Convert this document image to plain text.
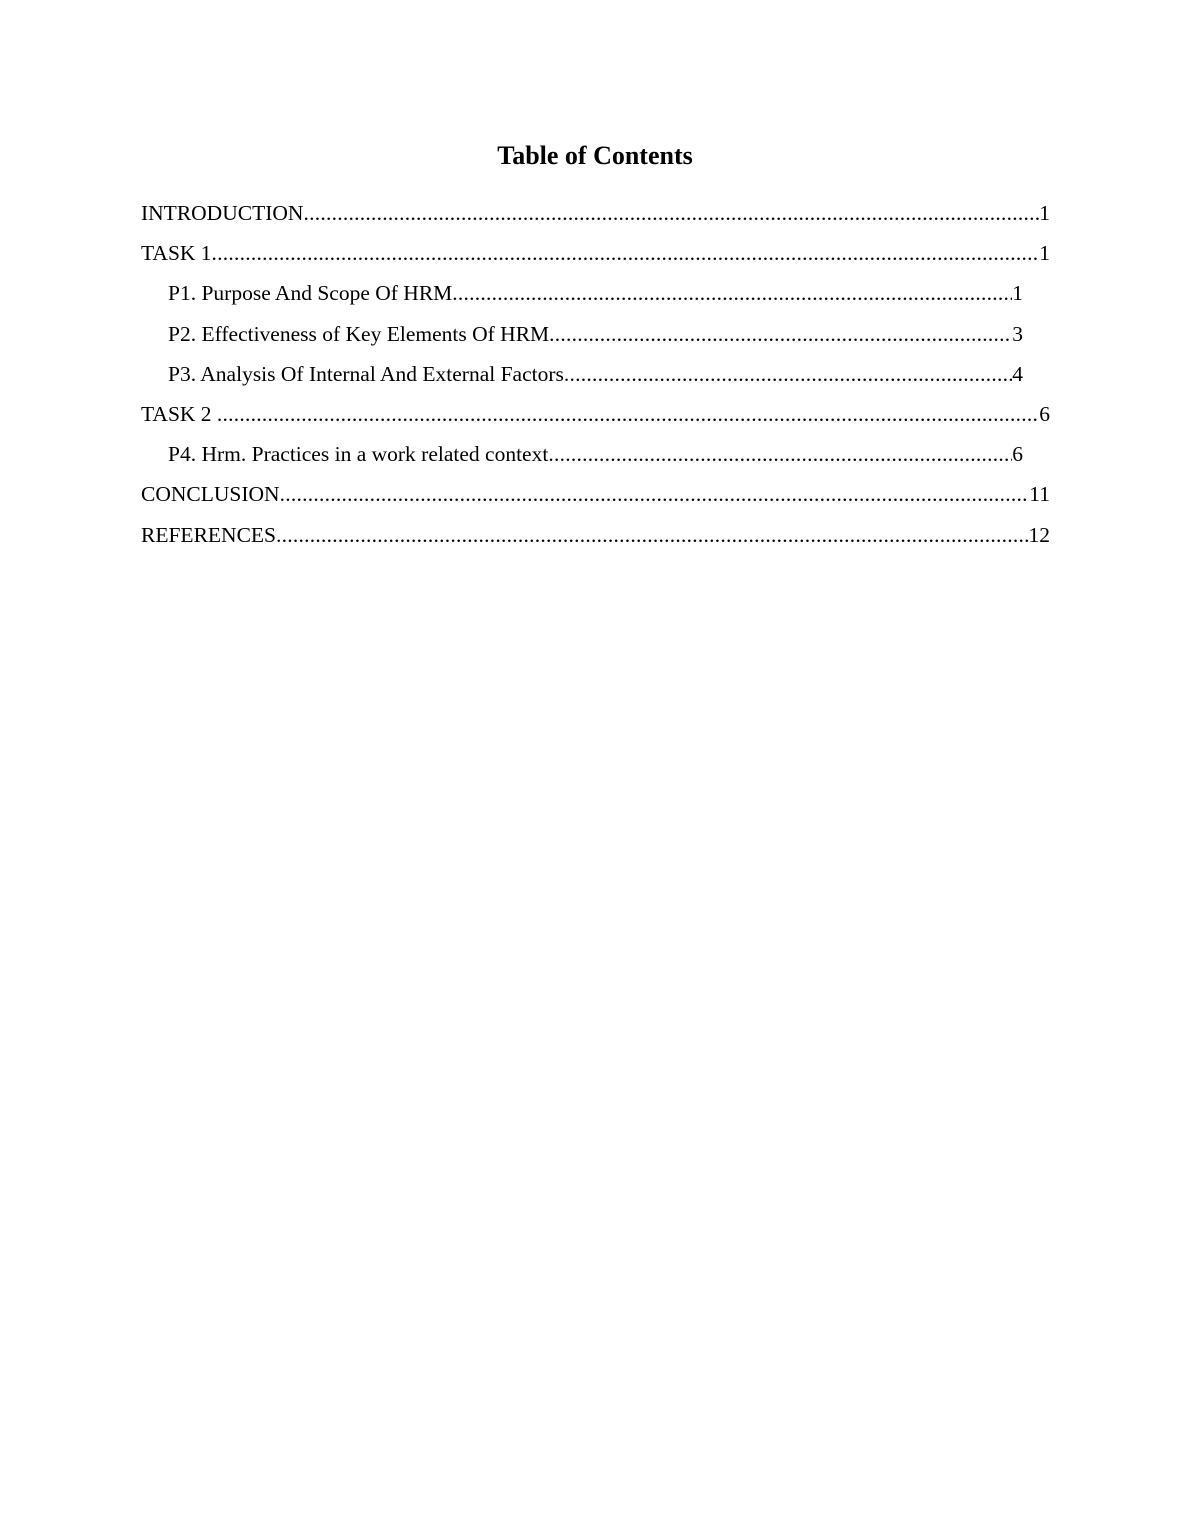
Table of Contents
INTRODUCTION .....	1
TASK 1 .....	1
P1. Purpose And Scope Of HRM .....	1
P2. Effectiveness of Key Elements Of HRM .....	3
P3. Analysis Of Internal And External Factors .....	4
TASK 2 .....	6
P4. Hrm. Practices in a work related context .....	6
CONCLUSION .....	11
REFERENCES .....	12
